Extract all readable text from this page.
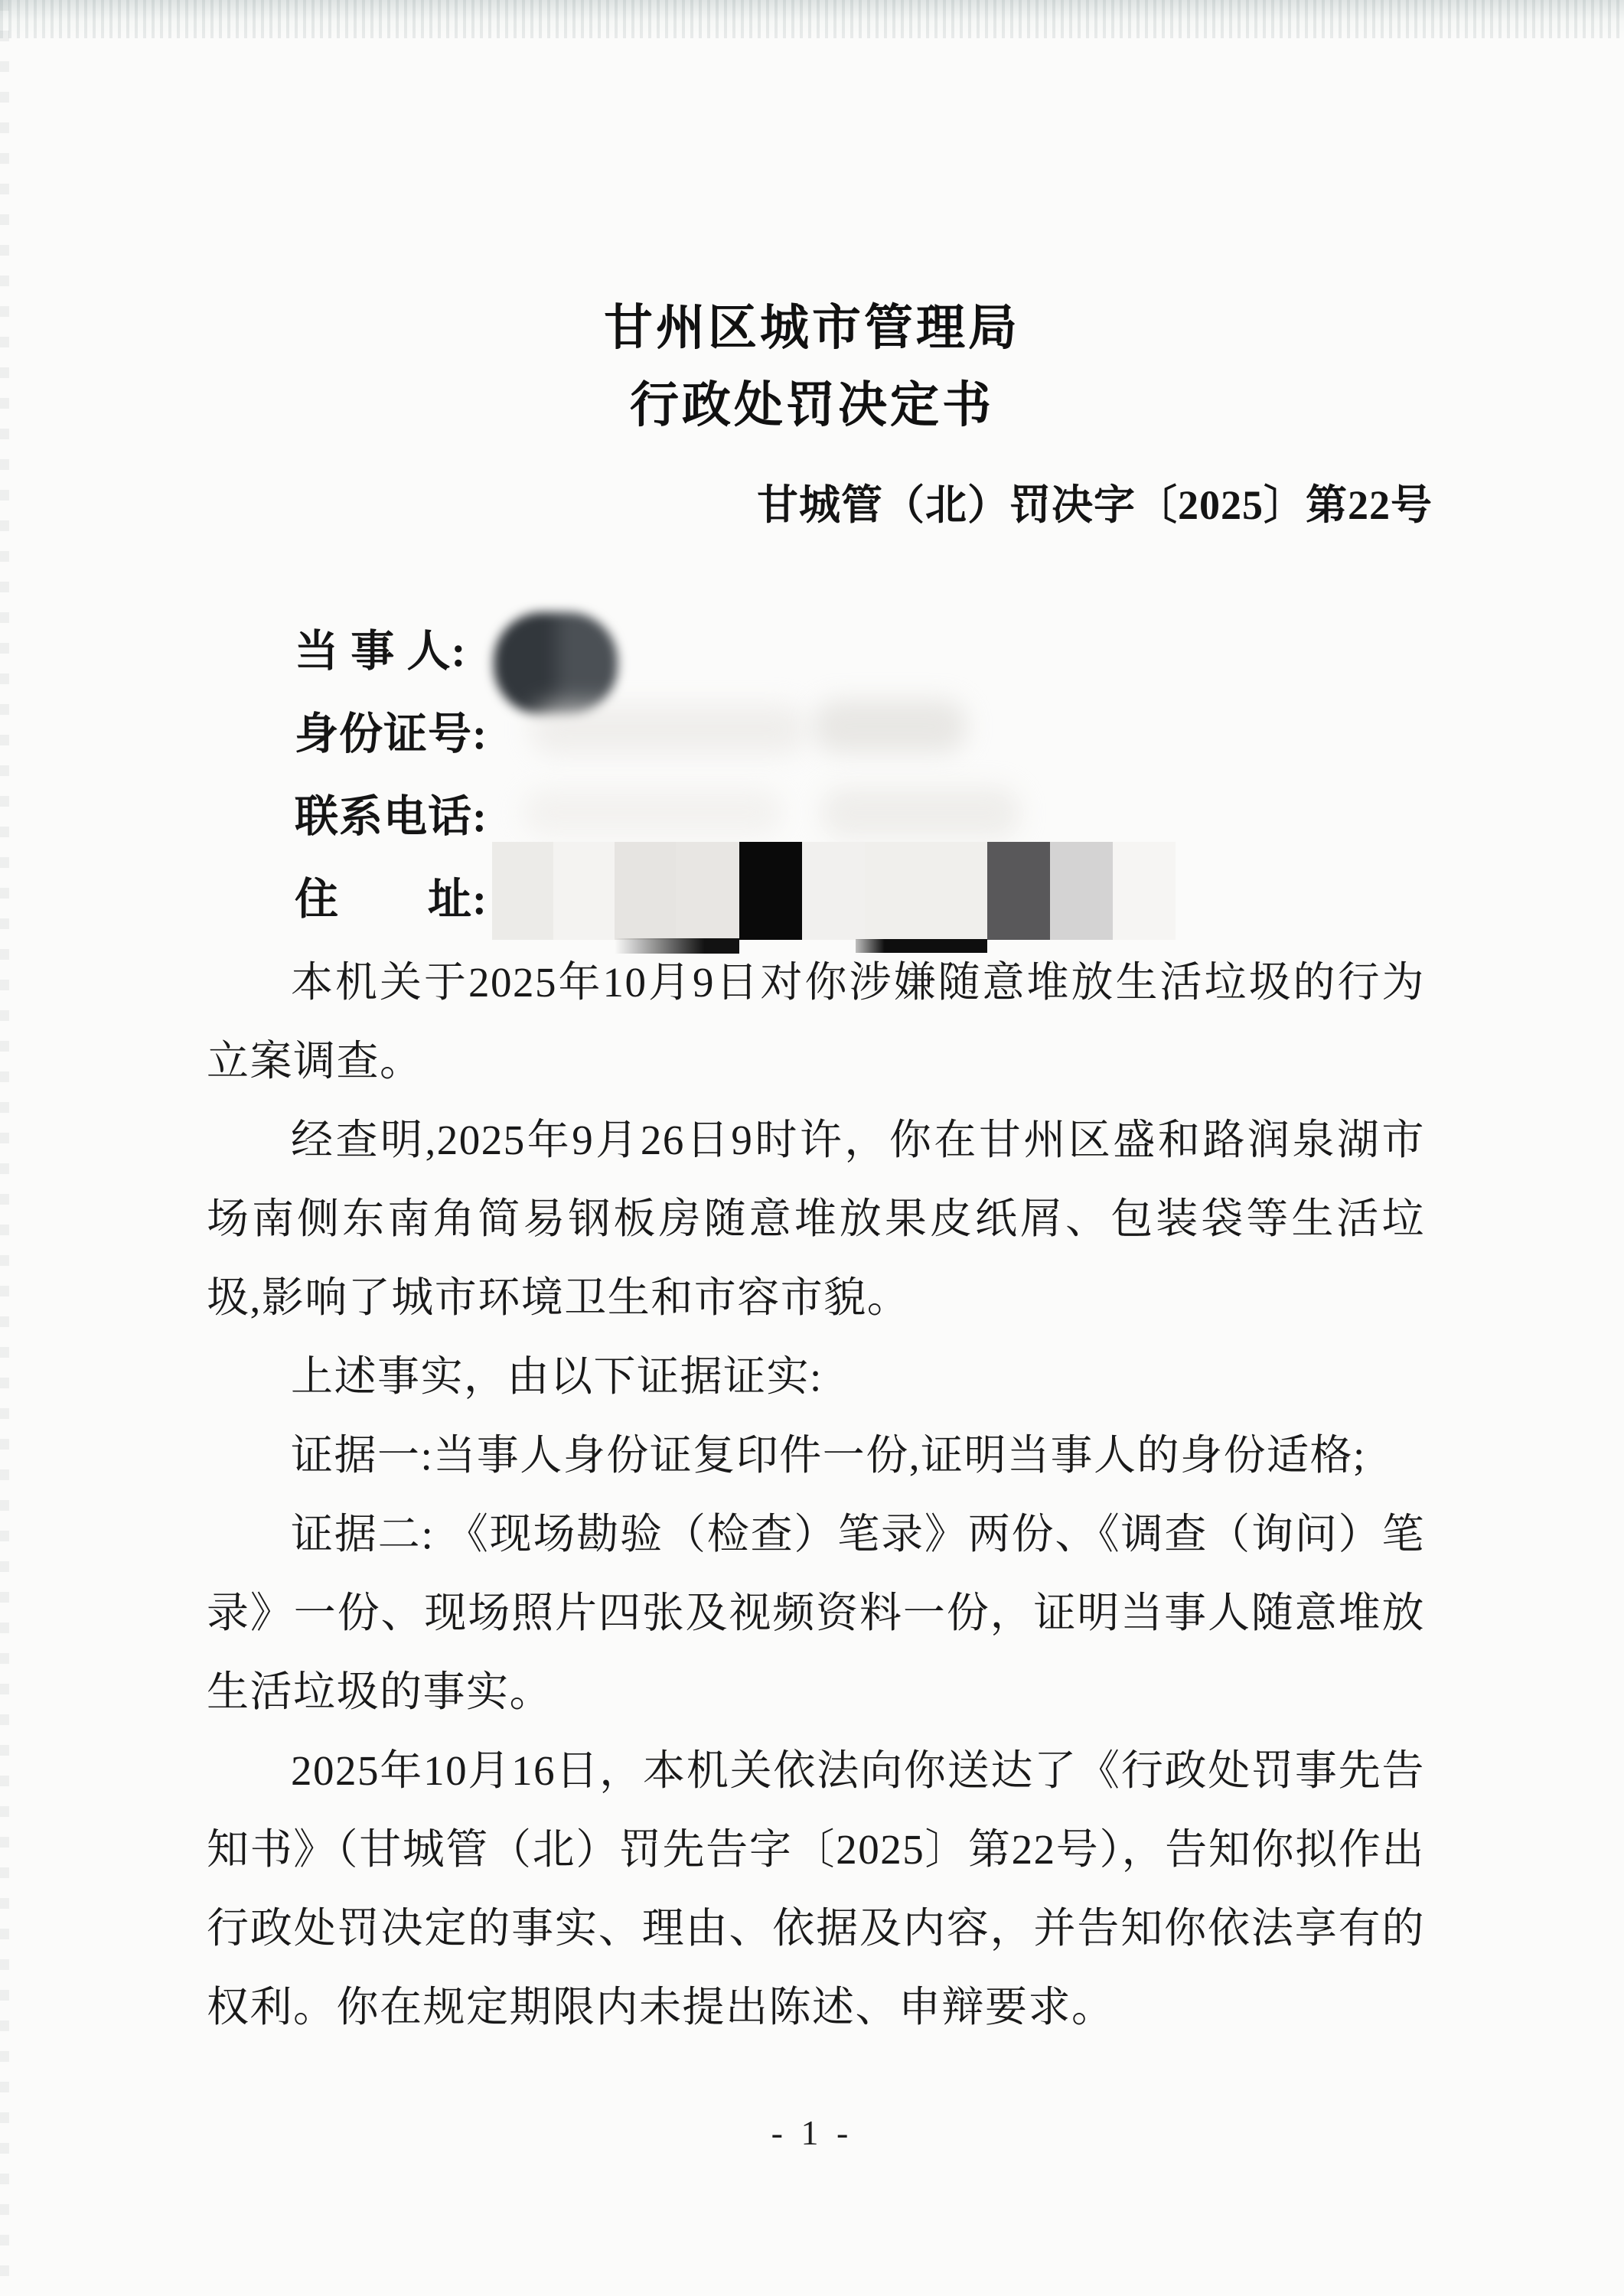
甘州区城市管理局
行政处罚决定书
甘城管（北）罚决字〔2025〕第22号
当 事 人:
身份证号:
联系电话:
住　　址:

本机关于2025年10月9日对你涉嫌随意堆放生活垃圾的行为立案调查。

经查明,2025年9月26日9时许，你在甘州区盛和路润泉湖市场南侧东南角简易钢板房随意堆放果皮纸屑、包装袋等生活垃圾,影响了城市环境卫生和市容市貌。

上述事实，由以下证据证实:

证据一:当事人身份证复印件一份,证明当事人的身份适格;

证据二: 《现场勘验（检查）笔录》两份、《调查（询问）笔录》一份、现场照片四张及视频资料一份，证明当事人随意堆放生活垃圾的事实。

2025年10月16日，本机关依法向你送达了《行政处罚事先告知书》（甘城管（北）罚先告字〔2025〕第22号），告知你拟作出行政处罚决定的事实、理由、依据及内容，并告知你依法享有的权利。你在规定期限内未提出陈述、申辩要求。

- 1 -
